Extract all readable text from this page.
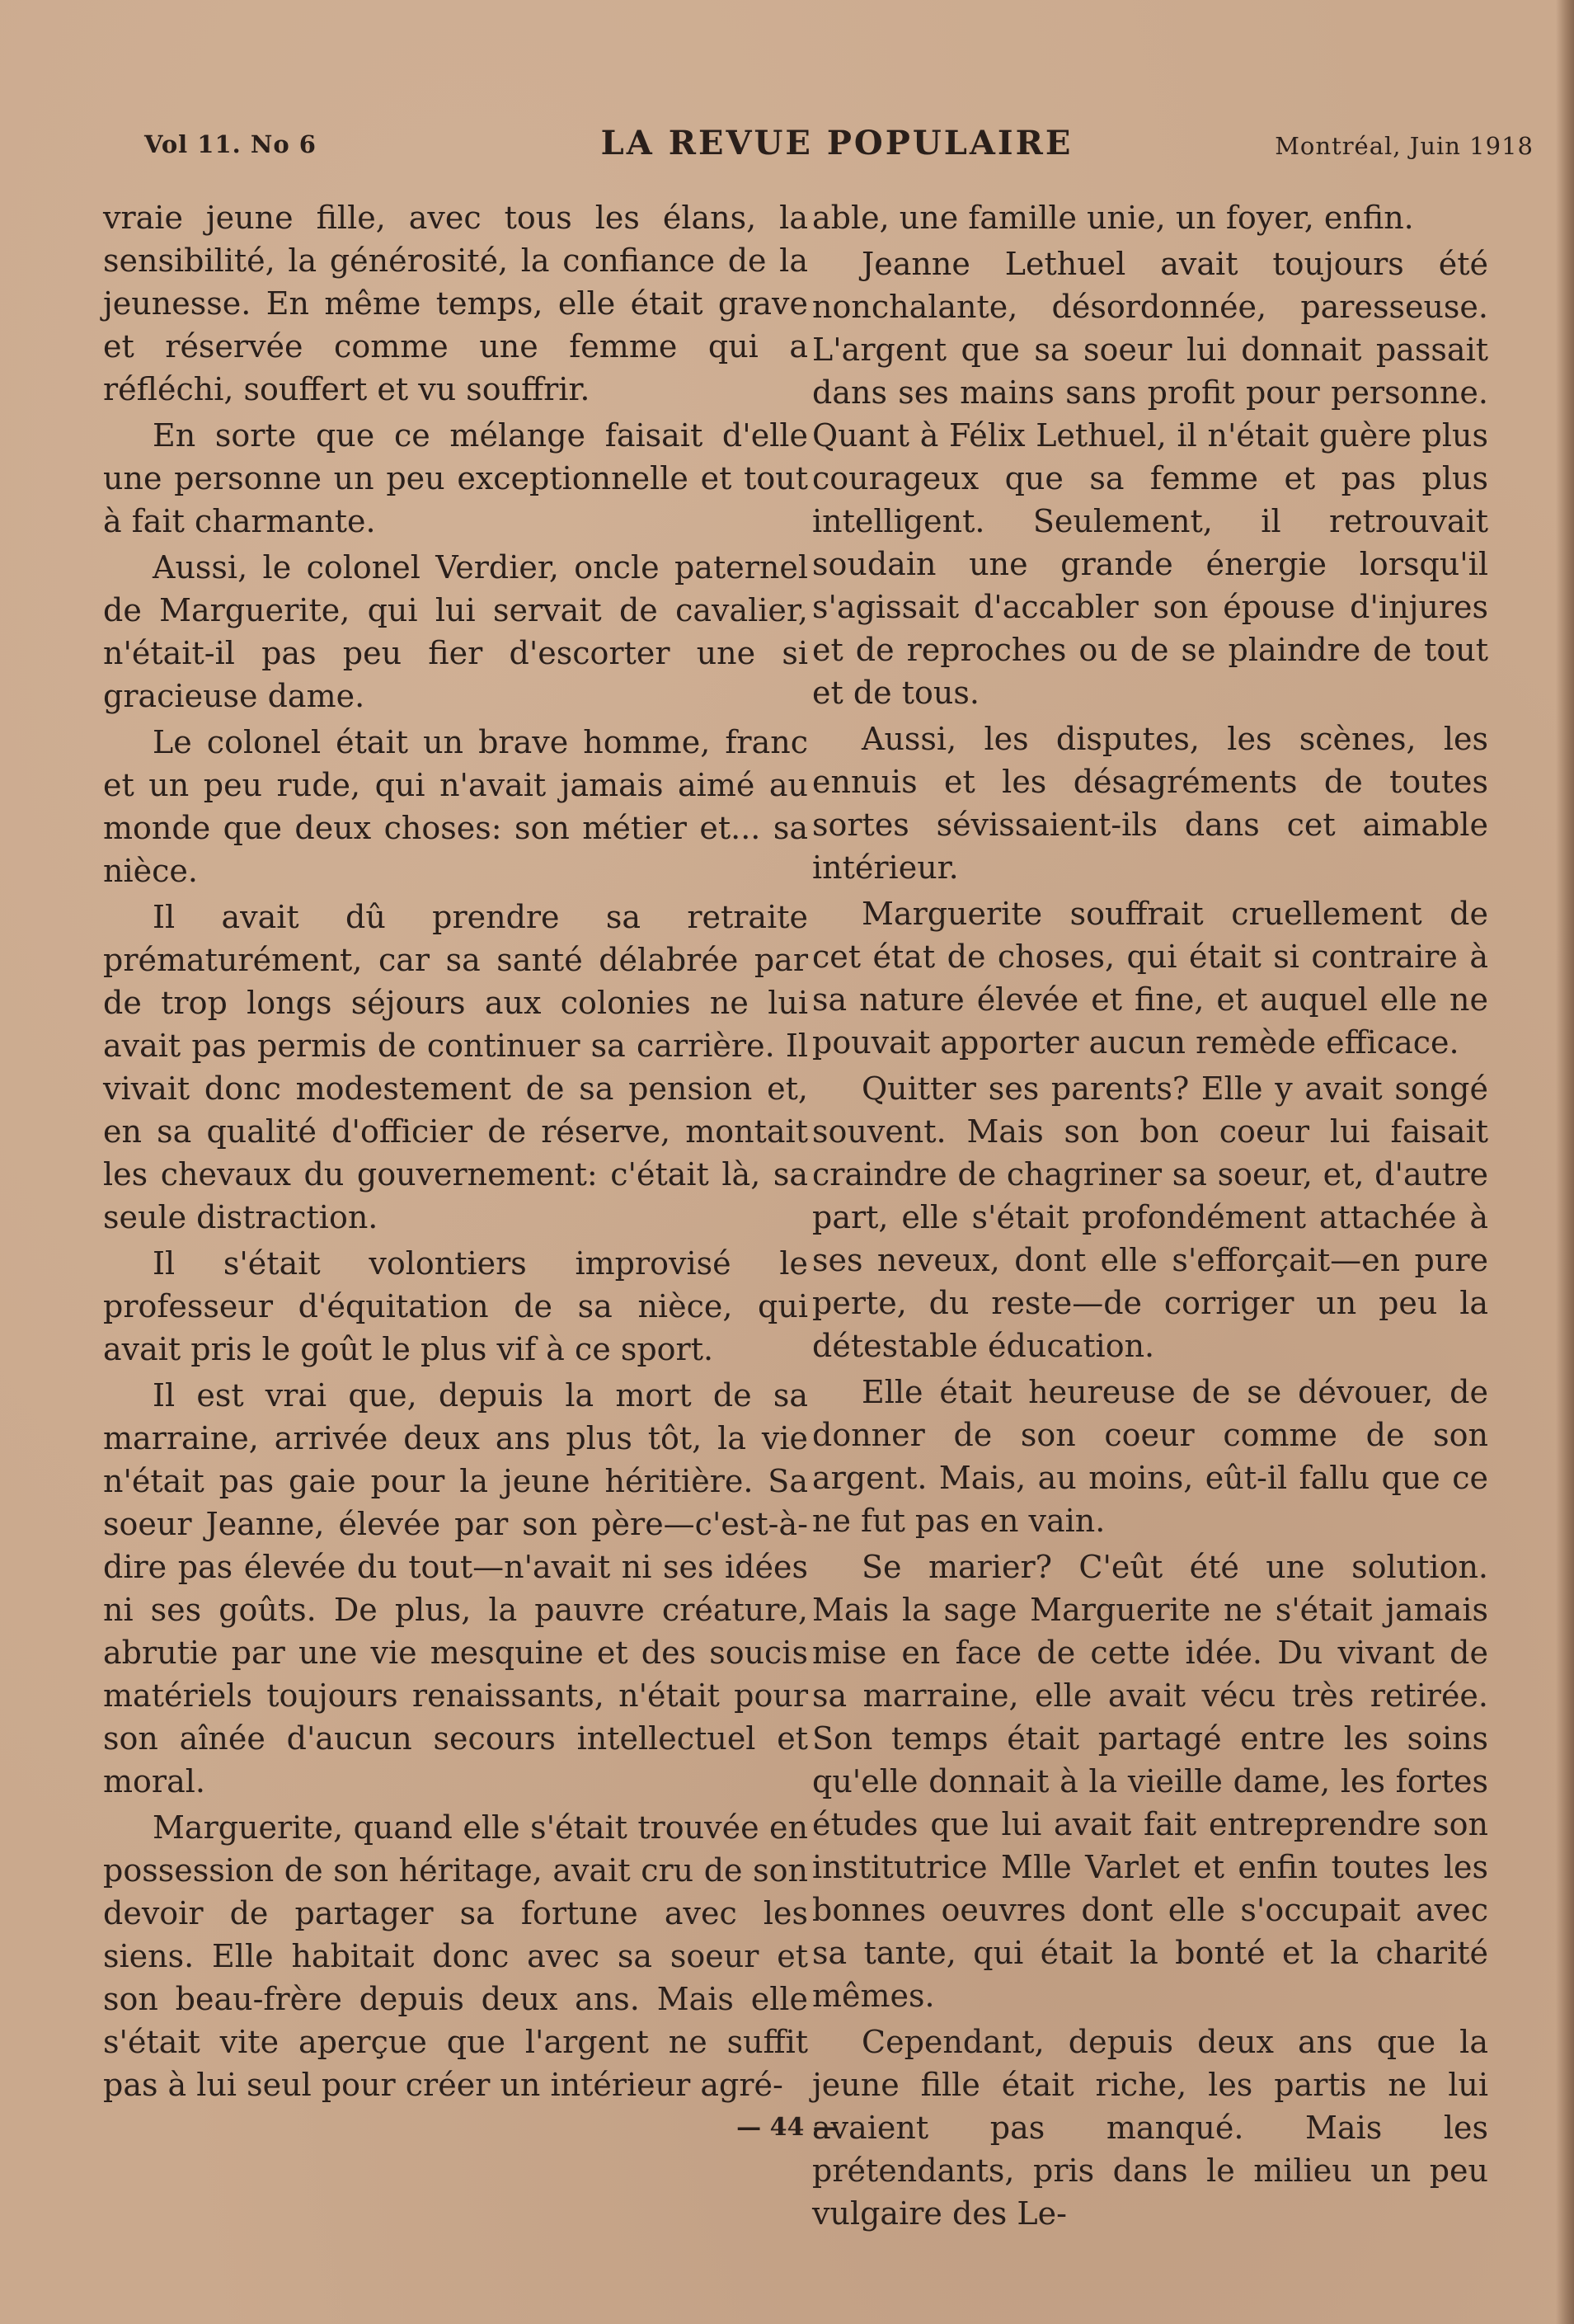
Vol 11. No 6	LA REVUE POPULAIRE	Montréal, Juin 1918

vraie jeune fille, avec tous les élans, la sensibilité, la générosité, la confiance de la jeunesse. En même temps, elle était grave et réservée comme une femme qui a réfléchi, souffert et vu souffrir.

En sorte que ce mélange faisait d'elle une personne un peu exceptionnelle et tout à fait charmante.

Aussi, le colonel Verdier, oncle paternel de Marguerite, qui lui servait de cavalier, n'était-il pas peu fier d'escorter une si gracieuse dame.

Le colonel était un brave homme, franc et un peu rude, qui n'avait jamais aimé au monde que deux choses: son métier et... sa nièce.

Il avait dû prendre sa retraite prématurément, car sa santé délabrée par de trop longs séjours aux colonies ne lui avait pas permis de continuer sa carrière. Il vivait donc modestement de sa pension et, en sa qualité d'officier de réserve, montait les chevaux du gouvernement: c'était là, sa seule distraction.

Il s'était volontiers improvisé le professeur d'équitation de sa nièce, qui avait pris le goût le plus vif à ce sport.

Il est vrai que, depuis la mort de sa marraine, arrivée deux ans plus tôt, la vie n'était pas gaie pour la jeune héritière. Sa soeur Jeanne, élevée par son père—c'est-à-dire pas élevée du tout—n'avait ni ses idées ni ses goûts. De plus, la pauvre créature, abrutie par une vie mesquine et des soucis matériels toujours renaissants, n'était pour son aînée d'aucun secours intellectuel et moral.

Marguerite, quand elle s'était trouvée en possession de son héritage, avait cru de son devoir de partager sa fortune avec les siens. Elle habitait donc avec sa soeur et son beau-frère depuis deux ans. Mais elle s'était vite aperçue que l'argent ne suffit pas à lui seul pour créer un intérieur agré-

able, une famille unie, un foyer, enfin.

Jeanne Lethuel avait toujours été nonchalante, désordonnée, paresseuse. L'argent que sa soeur lui donnait passait dans ses mains sans profit pour personne. Quant à Félix Lethuel, il n'était guère plus courageux que sa femme et pas plus intelligent. Seulement, il retrouvait soudain une grande énergie lorsqu'il s'agissait d'accabler son épouse d'injures et de reproches ou de se plaindre de tout et de tous.

Aussi, les disputes, les scènes, les ennuis et les désagréments de toutes sortes sévissaient-ils dans cet aimable intérieur.

Marguerite souffrait cruellement de cet état de choses, qui était si contraire à sa nature élevée et fine, et auquel elle ne pouvait apporter aucun remède efficace.

Quitter ses parents? Elle y avait songé souvent. Mais son bon coeur lui faisait craindre de chagriner sa soeur, et, d'autre part, elle s'était profondément attachée à ses neveux, dont elle s'efforçait—en pure perte, du reste—de corriger un peu la détestable éducation.

Elle était heureuse de se dévouer, de donner de son coeur comme de son argent. Mais, au moins, eût-il fallu que ce ne fut pas en vain.

Se marier? C'eût été une solution. Mais la sage Marguerite ne s'était jamais mise en face de cette idée. Du vivant de sa marraine, elle avait vécu très retirée. Son temps était partagé entre les soins qu'elle donnait à la vieille dame, les fortes études que lui avait fait entreprendre son institutrice Mlle Varlet et enfin toutes les bonnes oeuvres dont elle s'occupait avec sa tante, qui était la bonté et la charité mêmes.

Cependant, depuis deux ans que la jeune fille était riche, les partis ne lui avaient pas manqué. Mais les prétendants, pris dans le milieu un peu vulgaire des Le-

— 44 —
